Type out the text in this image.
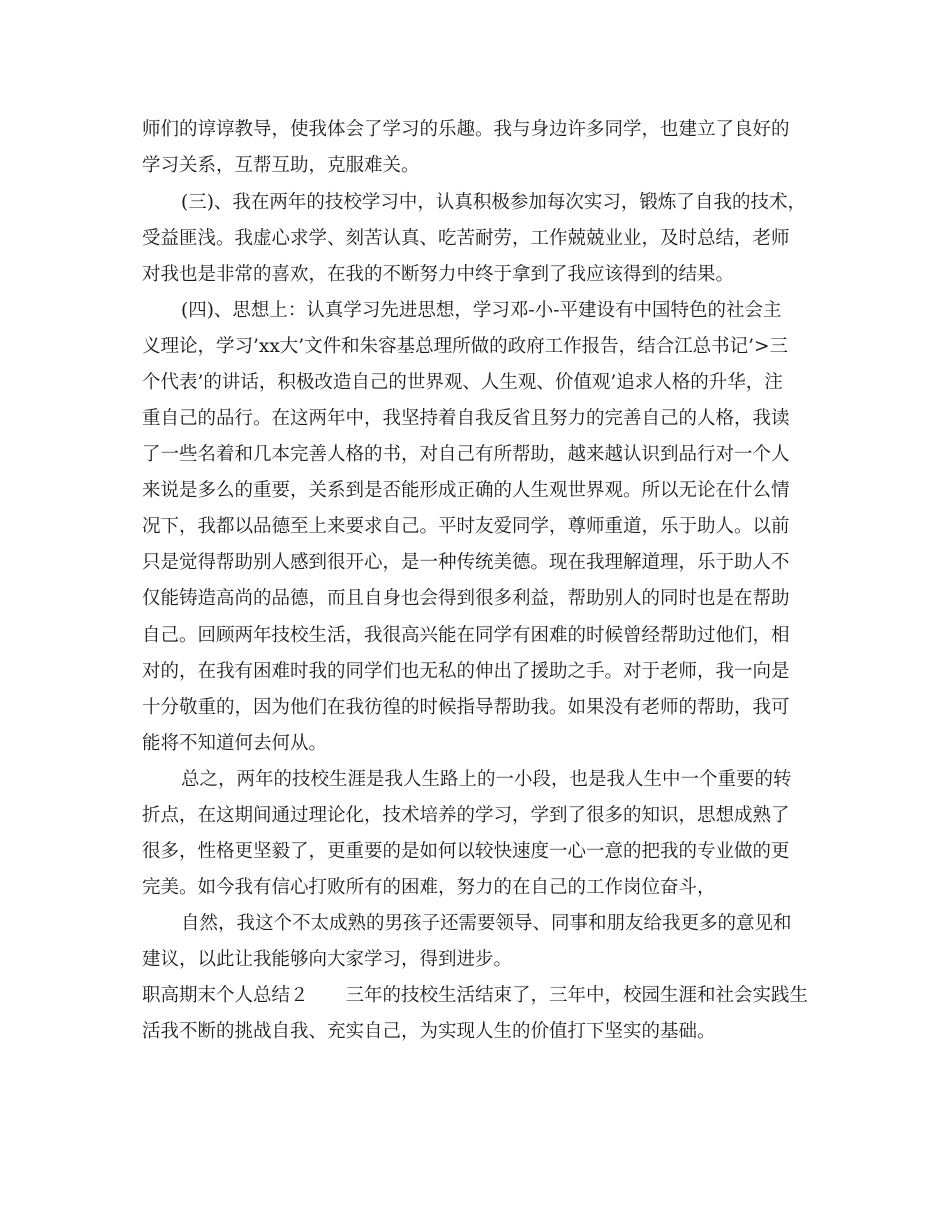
师们的谆谆教导，使我体会了学习的乐趣。我与身边许多同学，也建立了良好的
学习关系，互帮互助，克服难关。
(三)、我在两年的技校学习中，认真积极参加每次实习，锻炼了自我的技术，
受益匪浅。我虚心求学、刻苦认真、吃苦耐劳，工作兢兢业业，及时总结，老师
对我也是非常的喜欢，在我的不断努力中终于拿到了我应该得到的结果。
(四)、思想上：认真学习先进思想，学习邓-小-平建设有中国特色的社会主
义理论，学习’xx大’文件和朱容基总理所做的政府工作报告，结合江总书记’>三
个代表’的讲话，积极改造自己的世界观、人生观、价值观’追求人格的升华，注
重自己的品行。在这两年中，我坚持着自我反省且努力的完善自己的人格，我读
了一些名着和几本完善人格的书，对自己有所帮助，越来越认识到品行对一个人
来说是多么的重要，关系到是否能形成正确的人生观世界观。所以无论在什么情
况下，我都以品德至上来要求自己。平时友爱同学，尊师重道，乐于助人。以前
只是觉得帮助别人感到很开心，是一种传统美德。现在我理解道理，乐于助人不
仅能铸造高尚的品德，而且自身也会得到很多利益，帮助别人的同时也是在帮助
自己。回顾两年技校生活，我很高兴能在同学有困难的时候曾经帮助过他们，相
对的，在我有困难时我的同学们也无私的伸出了援助之手。对于老师，我一向是
十分敬重的，因为他们在我彷徨的时候指导帮助我。如果没有老师的帮助，我可
能将不知道何去何从。
总之，两年的技校生涯是我人生路上的一小段，也是我人生中一个重要的转
折点，在这期间通过理论化，技术培养的学习，学到了很多的知识，思想成熟了
很多，性格更坚毅了，更重要的是如何以较快速度一心一意的把我的专业做的更
完美。如今我有信心打败所有的困难，努力的在自己的工作岗位奋斗，
自然，我这个不太成熟的男孩子还需要领导、同事和朋友给我更多的意见和
建议，以此让我能够向大家学习，得到进步。
职高期末个人总结２　　三年的技校生活结束了，三年中，校园生涯和社会实践生
活我不断的挑战自我、充实自己，为实现人生的价值打下坚实的基础。
